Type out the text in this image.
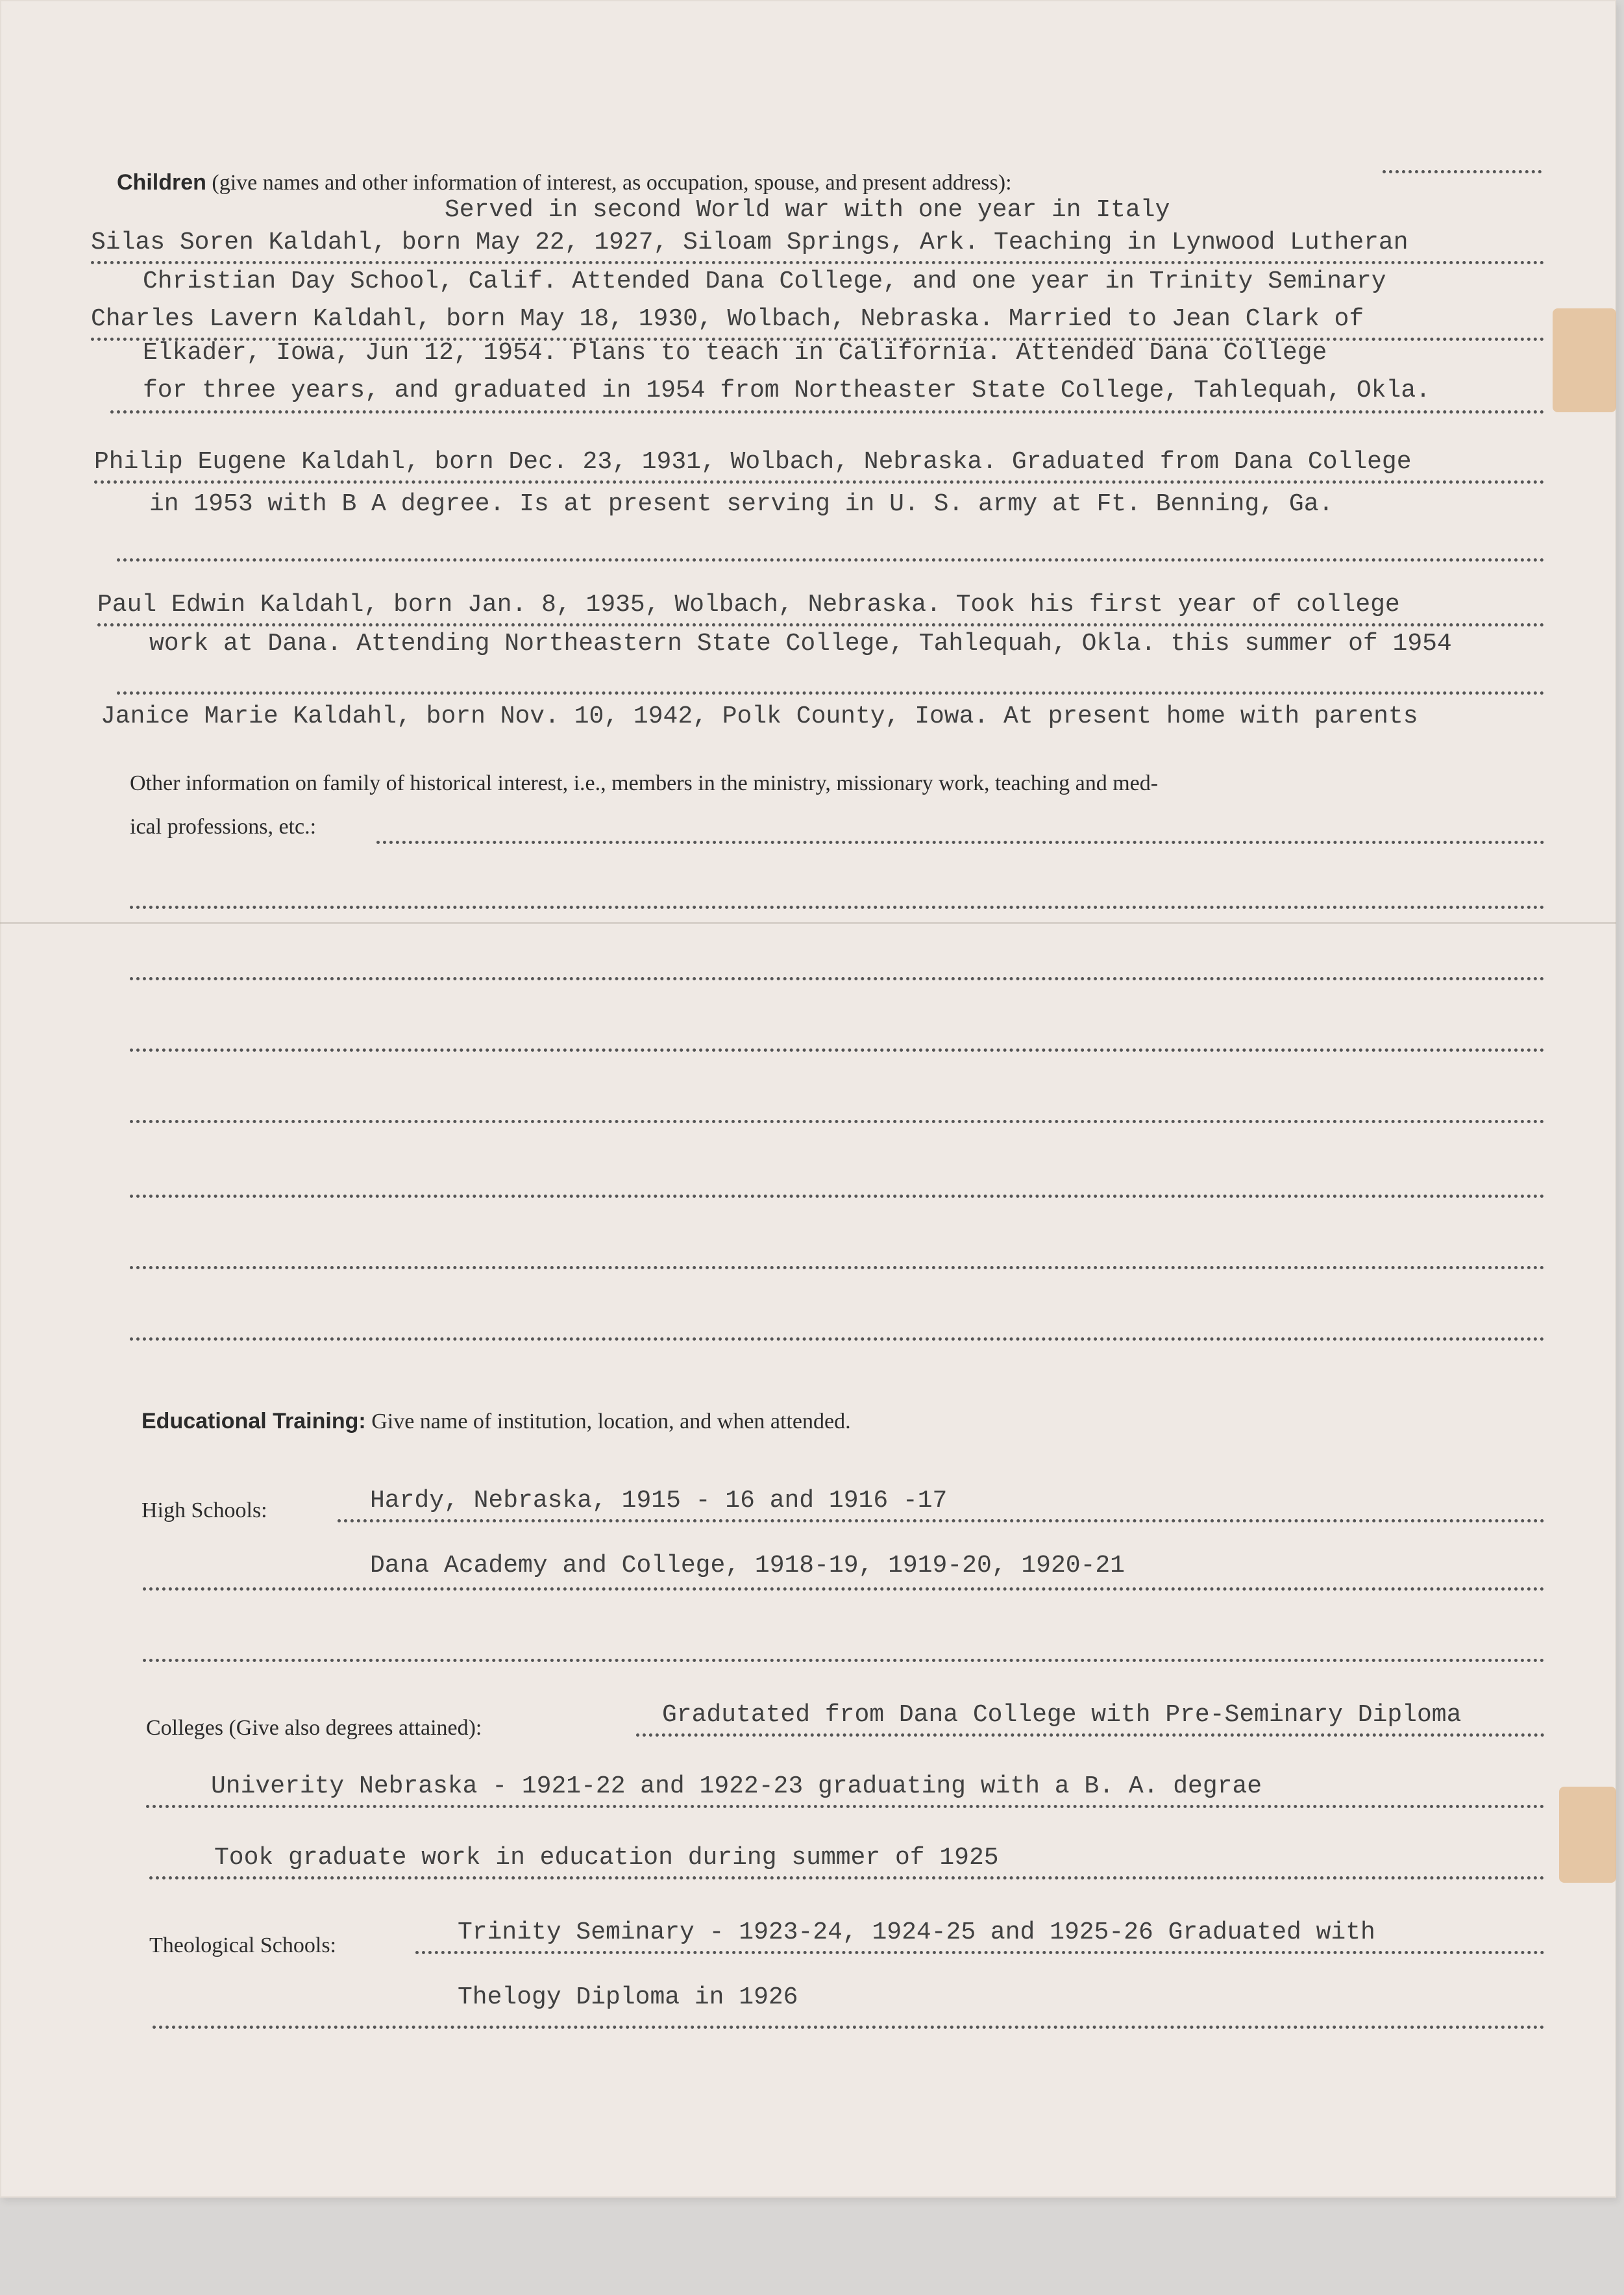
Children (give names and other information of interest, as occupation, spouse, and present address):
Served in second World war with one year in Italy
Silas Soren Kaldahl, born May 22, 1927, Siloam Springs, Ark. Teaching in Lynwood Lutheran
Christian Day School, Calif. Attended Dana College, and one year in Trinity Seminary
Charles Lavern Kaldahl, born May 18, 1930, Wolbach, Nebraska. Married to Jean Clark of
Elkader, Iowa, Jun 12, 1954. Plans to teach in California. Attended Dana College
for three years, and graduated in 1954 from Northeaster State College, Tahlequah, Okla.
Philip Eugene Kaldahl, born Dec. 23, 1931, Wolbach, Nebraska. Graduated from Dana College
in 1953 with B A degree. Is at present serving in U. S. army at Ft. Benning, Ga.
Paul Edwin Kaldahl, born Jan. 8, 1935, Wolbach, Nebraska. Took his first year of college
work at Dana. Attending Northeastern State College, Tahlequah, Okla. this summer of 1954
Janice Marie Kaldahl, born Nov. 10, 1942, Polk County, Iowa. At present home with parents
Other information on family of historical interest, i.e., members in the ministry, missionary work, teaching and med-
ical professions, etc.:
Educational Training: Give name of institution, location, and when attended.
High Schools:	Hardy, Nebraska, 1915 - 16 and 1916 -17
Dana Academy and College, 1918-19, 1919-20, 1920-21
Colleges (Give also degrees attained):	Gradutated from Dana College with Pre-Seminary Diploma
Univerity Nebraska - 1921-22 and 1922-23 graduating with a B. A. degrae
Took graduate work in education during summer of 1925
Theological Schools:	Trinity Seminary - 1923-24, 1924-25 and 1925-26 Graduated with
Thelogy Diploma in 1926
